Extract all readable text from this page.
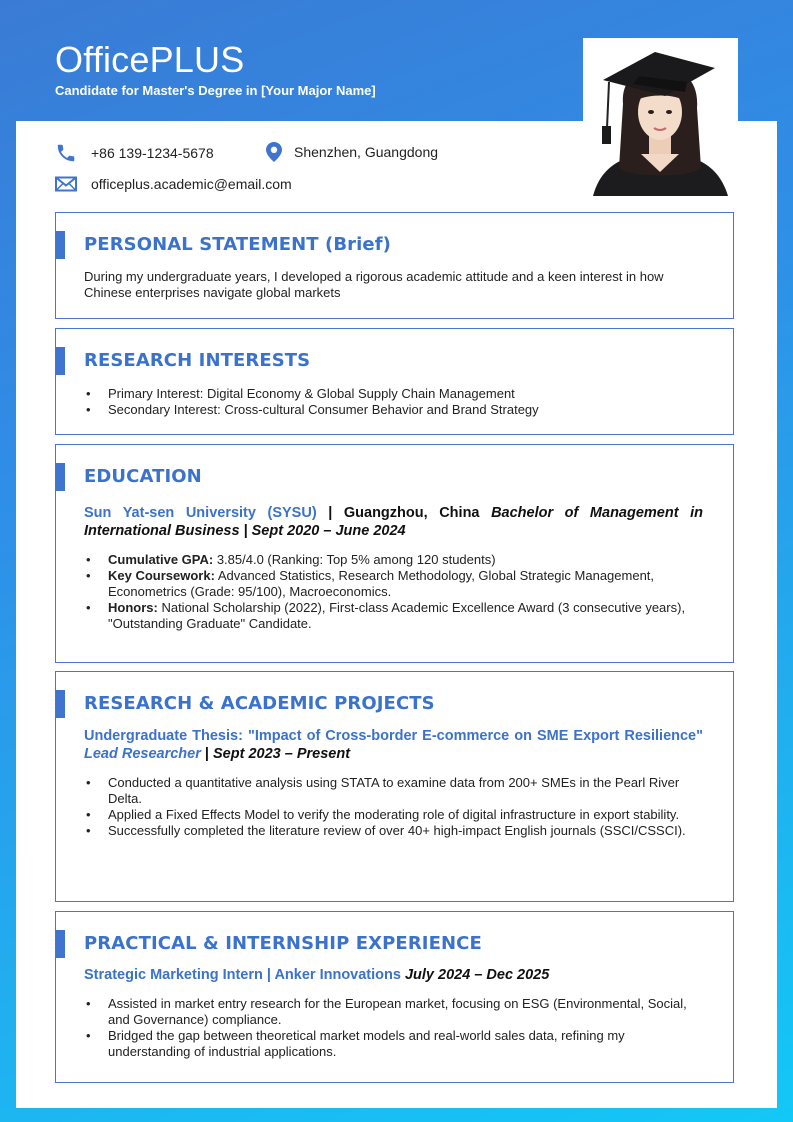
OfficePLUS
Candidate for Master's Degree in [Your Major Name]
+86 139-1234-5678	Shenzhen, Guangdong
officeplus.academic@email.com
PERSONAL STATEMENT (Brief)
During my undergraduate years, I developed a rigorous academic attitude and a keen interest in how Chinese enterprises navigate global markets
RESEARCH INTERESTS
• Primary Interest: Digital Economy & Global Supply Chain Management
• Secondary Interest: Cross-cultural Consumer Behavior and Brand Strategy
EDUCATION
Sun Yat-sen University (SYSU) | Guangzhou, China Bachelor of Management in International Business | Sept 2020 – June 2024
• Cumulative GPA: 3.85/4.0 (Ranking: Top 5% among 120 students)
• Key Coursework: Advanced Statistics, Research Methodology, Global Strategic Management, Econometrics (Grade: 95/100), Macroeconomics.
• Honors: National Scholarship (2022), First-class Academic Excellence Award (3 consecutive years), "Outstanding Graduate" Candidate.
RESEARCH & ACADEMIC PROJECTS
Undergraduate Thesis: "Impact of Cross-border E-commerce on SME Export Resilience" Lead Researcher | Sept 2023 – Present
• Conducted a quantitative analysis using STATA to examine data from 200+ SMEs in the Pearl River Delta.
• Applied a Fixed Effects Model to verify the moderating role of digital infrastructure in export stability.
• Successfully completed the literature review of over 40+ high-impact English journals (SSCI/CSSCI).
PRACTICAL & INTERNSHIP EXPERIENCE
Strategic Marketing Intern | Anker Innovations July 2024 – Dec 2025
• Assisted in market entry research for the European market, focusing on ESG (Environmental, Social, and Governance) compliance.
• Bridged the gap between theoretical market models and real-world sales data, refining my understanding of industrial applications.
